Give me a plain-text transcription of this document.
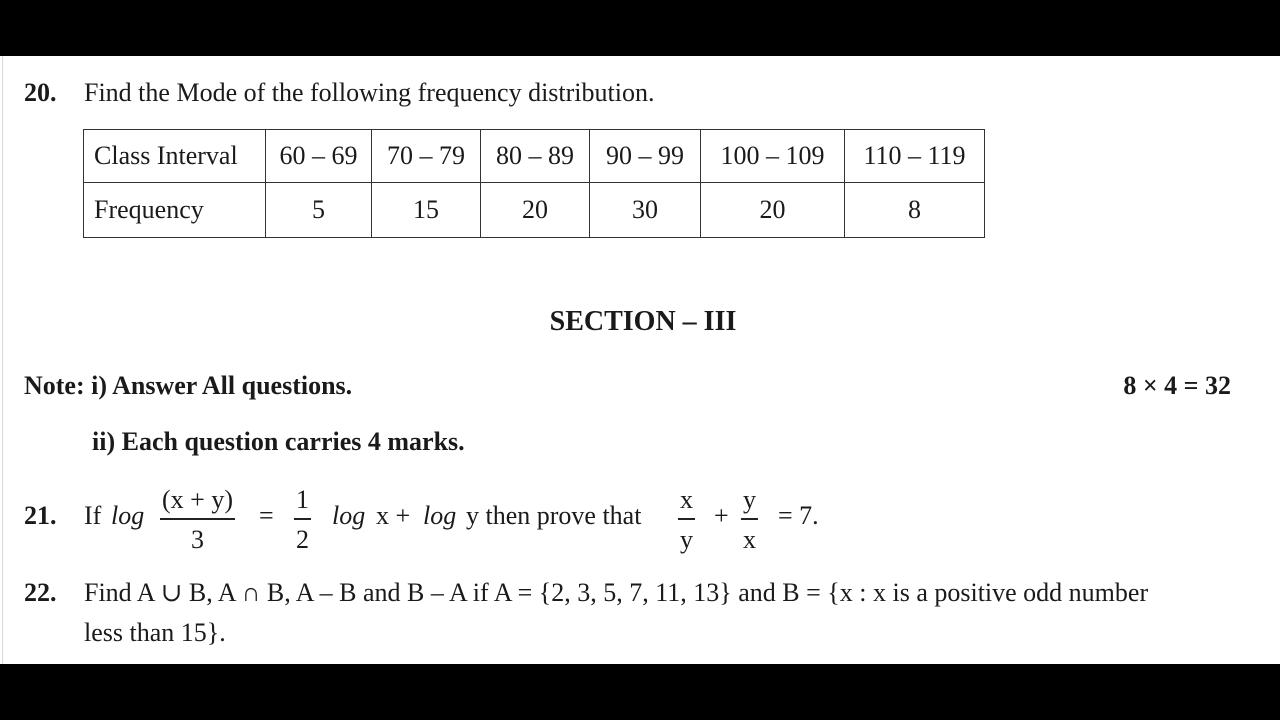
20. Find the Mode of the following frequency distribution.
Class Interval	60 – 69	70 – 79	80 – 89	90 – 99	100 – 109	110 – 119
Frequency	5	15	20	30	20	8
SECTION – III
Note: i) Answer All questions.	8 × 4 = 32
ii) Each question carries 4 marks.
21. If log
(x + y)
3
=
1
2
log x + log y then prove that
x
y
+
y
x
= 7.
22. Find A ∪ B, A ∩ B, A – B and B – A if A = {2, 3, 5, 7, 11, 13} and B = {x : x is a positive odd number
less than 15}.
